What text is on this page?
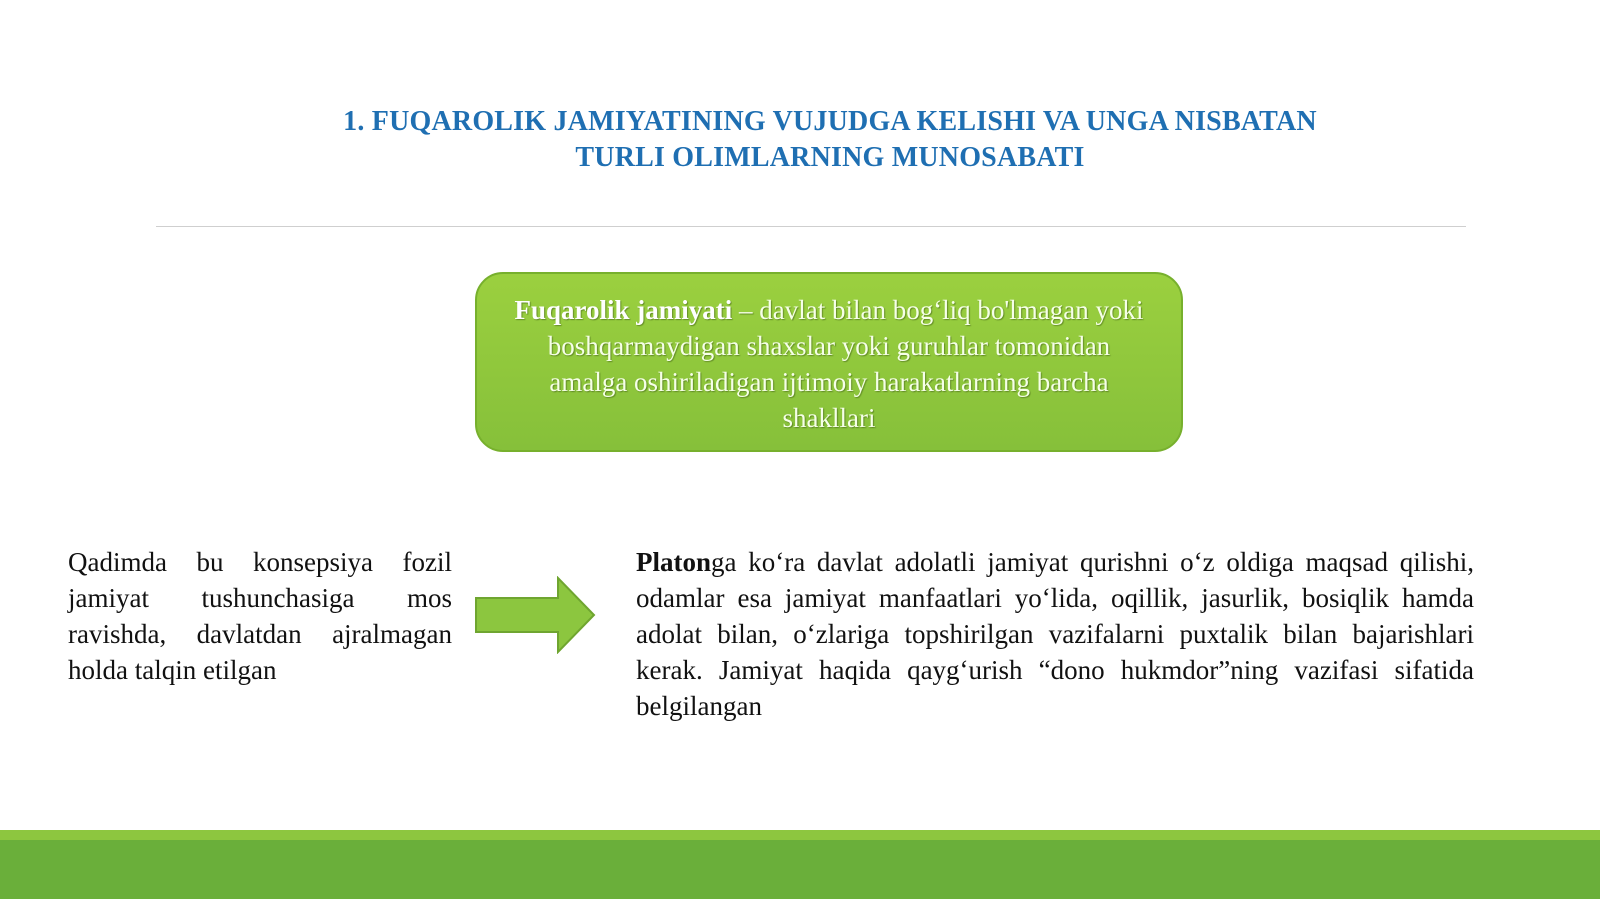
1. FUQAROLIK JAMIYATINING VUJUDGA KELISHI VA UNGA NISBATAN
TURLI OLIMLARNING MUNOSABATI
Fuqarolik jamiyati – davlat bilan bog‘liq bo'lmagan yoki boshqarmaydigan shaxslar yoki guruhlar tomonidan amalga oshiriladigan ijtimoiy harakatlarning barcha shakllari

Qadimda bu konsepsiya fozil jamiyat tushunchasiga mos ravishda, davlatdan ajralmagan holda talqin etilgan

Platonga ko‘ra davlat adolatli jamiyat qurishni o‘z oldiga maqsad qilishi, odamlar esa jamiyat manfaatlari yo‘lida, oqillik, jasurlik, bosiqlik hamda adolat bilan, o‘zlariga topshirilgan vazifalarni puxtalik bilan bajarishlari kerak. Jamiyat haqida qayg‘urish “dono hukmdor”ning vazifasi sifatida belgilangan
